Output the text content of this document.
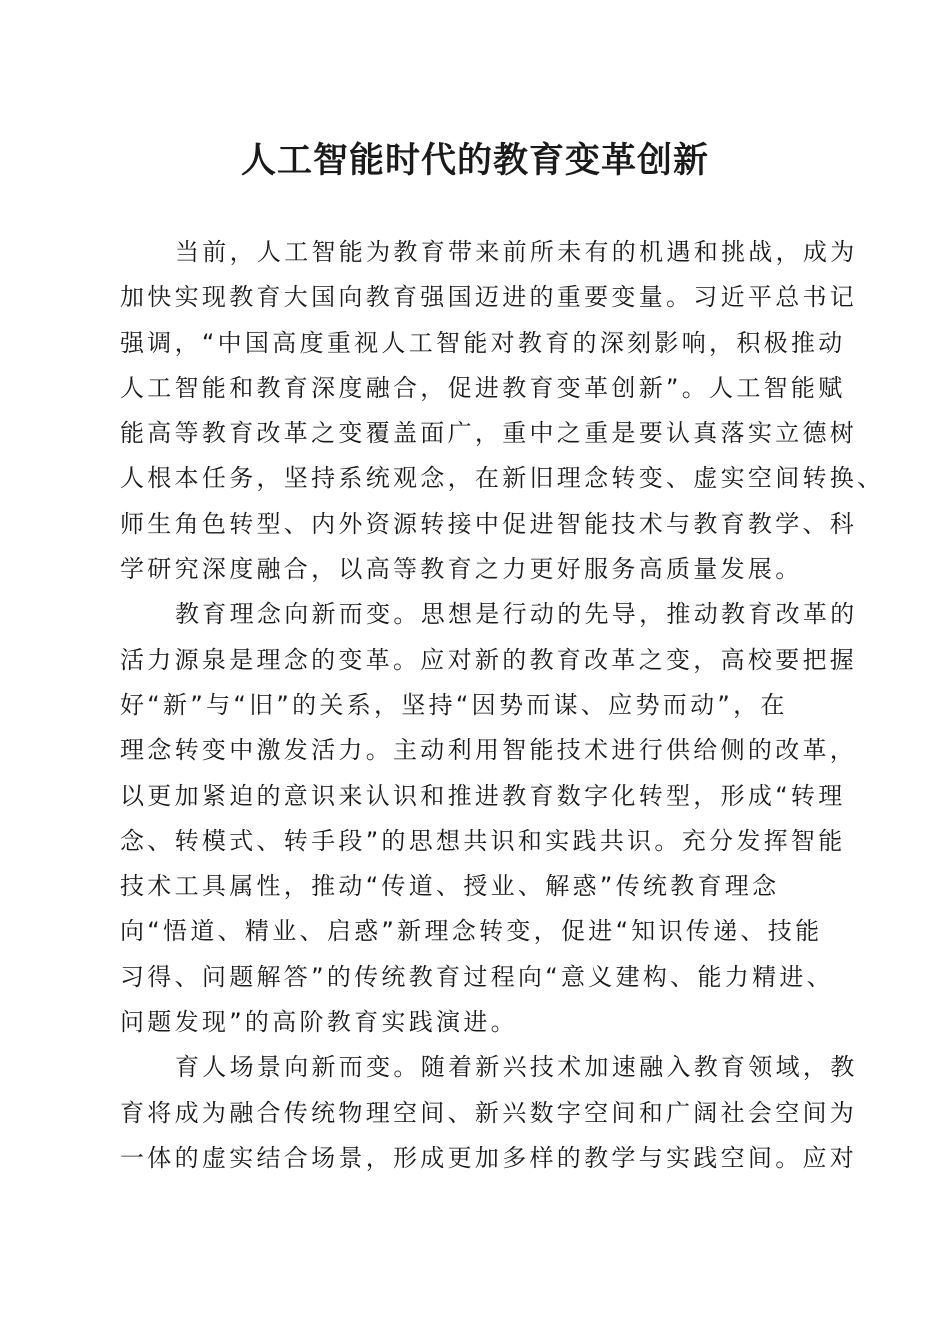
人工智能时代的教育变革创新
当前，人工智能为教育带来前所未有的机遇和挑战，成为
加快实现教育大国向教育强国迈进的重要变量。习近平总书记
强调，“中国高度重视人工智能对教育的深刻影响，积极推动
人工智能和教育深度融合，促进教育变革创新”。人工智能赋
能高等教育改革之变覆盖面广，重中之重是要认真落实立德树
人根本任务，坚持系统观念，在新旧理念转变、虚实空间转换、
师生角色转型、内外资源转接中促进智能技术与教育教学、科
学研究深度融合，以高等教育之力更好服务高质量发展。
教育理念向新而变。思想是行动的先导，推动教育改革的
活力源泉是理念的变革。应对新的教育改革之变，高校要把握
好“新”与“旧”的关系，坚持“因势而谋、应势而动”，在
理念转变中激发活力。主动利用智能技术进行供给侧的改革，
以更加紧迫的意识来认识和推进教育数字化转型，形成“转理
念、转模式、转手段”的思想共识和实践共识。充分发挥智能
技术工具属性，推动“传道、授业、解惑”传统教育理念
向“悟道、精业、启惑”新理念转变，促进“知识传递、技能
习得、问题解答”的传统教育过程向“意义建构、能力精进、
问题发现”的高阶教育实践演进。
育人场景向新而变。随着新兴技术加速融入教育领域，教
育将成为融合传统物理空间、新兴数字空间和广阔社会空间为
一体的虚实结合场景，形成更加多样的教学与实践空间。应对
